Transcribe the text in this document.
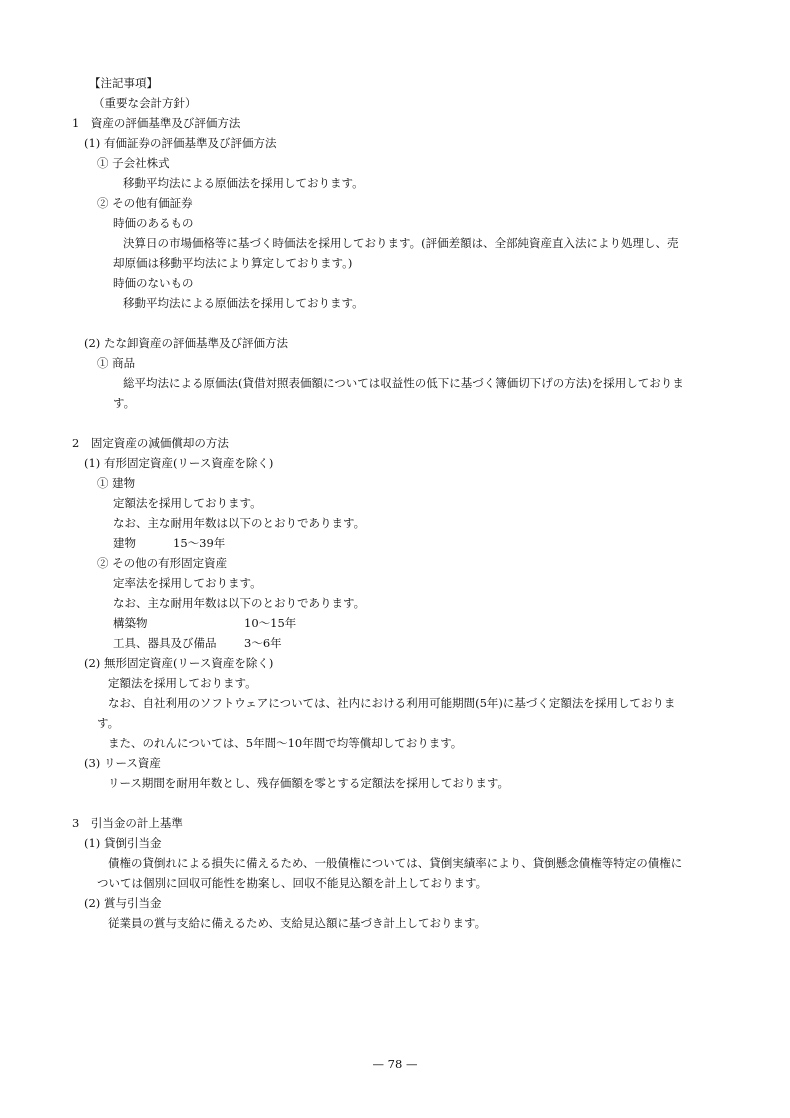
【注記事項】
（重要な会計方針）
1　資産の評価基準及び評価方法
(1) 有価証券の評価基準及び評価方法
① 子会社株式
移動平均法による原価法を採用しております。
② その他有価証券
時価のあるもの
決算日の市場価格等に基づく時価法を採用しております。(評価差額は、全部純資産直入法により処理し、売
却原価は移動平均法により算定しております。)
時価のないもの
移動平均法による原価法を採用しております。
(2) たな卸資産の評価基準及び評価方法
① 商品
総平均法による原価法(貸借対照表価額については収益性の低下に基づく簿価切下げの方法)を採用しておりま
す。
2　固定資産の減価償却の方法
(1) 有形固定資産(リース資産を除く)
① 建物
定額法を採用しております。
なお、主な耐用年数は以下のとおりであります。
建物	15〜39年
② その他の有形固定資産
定率法を採用しております。
なお、主な耐用年数は以下のとおりであります。
構築物	10〜15年
工具、器具及び備品 3〜6年
(2) 無形固定資産(リース資産を除く)
定額法を採用しております。
なお、自社利用のソフトウェアについては、社内における利用可能期間(5年)に基づく定額法を採用しておりま
す。
また、のれんについては、5年間〜10年間で均等償却しております。
(3) リース資産
リース期間を耐用年数とし、残存価額を零とする定額法を採用しております。
3　引当金の計上基準
(1) 貸倒引当金
債権の貸倒れによる損失に備えるため、一般債権については、貸倒実績率により、貸倒懸念債権等特定の債権に
ついては個別に回収可能性を勘案し、回収不能見込額を計上しております。
(2) 賞与引当金
従業員の賞与支給に備えるため、支給見込額に基づき計上しております。
— 78 —
